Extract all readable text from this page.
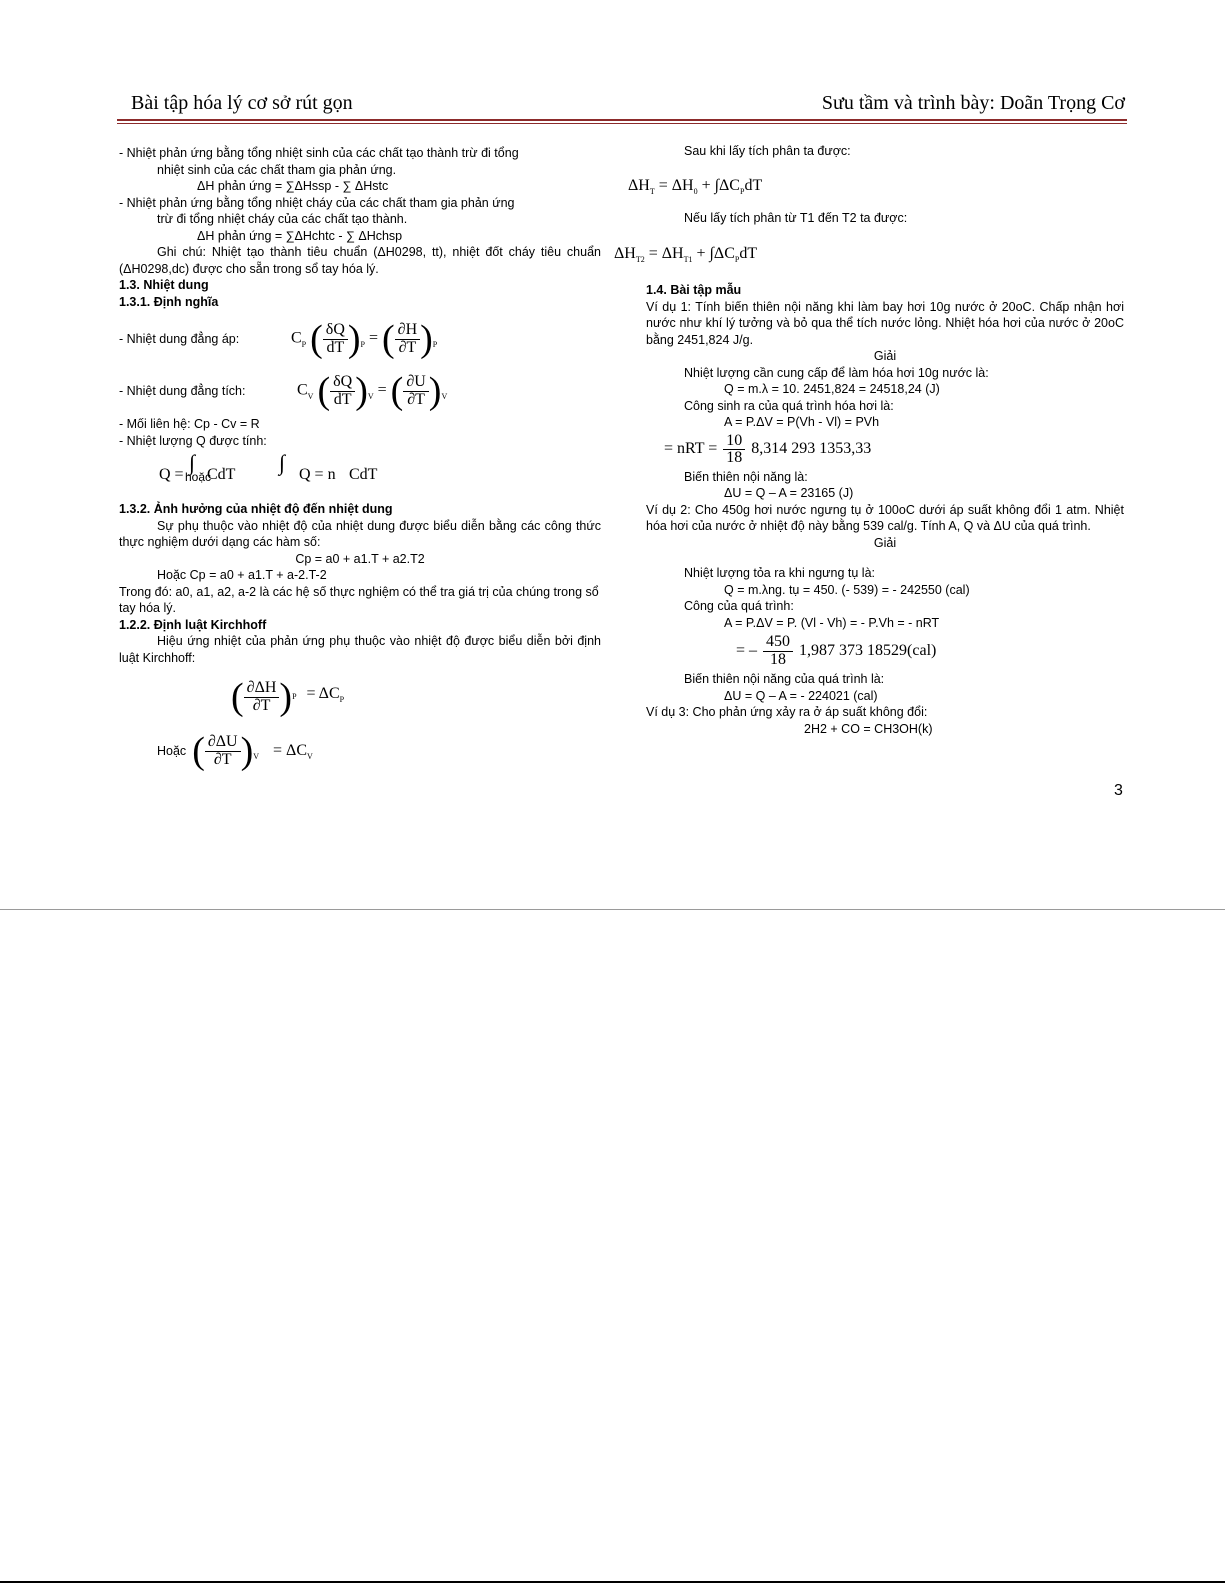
Bài tập hóa lý cơ sở rút gọn	Sưu tầm và trình bày: Doãn Trọng Cơ

- Nhiệt phản ứng bằng tổng nhiệt sinh của các chất tạo thành trừ đi tổng

nhiệt sinh của các chất tham gia phản ứng.

ΔH phản ứng = ∑ΔHssp - ∑ ΔHstc

- Nhiệt phản ứng bằng tổng nhiệt cháy của các chất tham gia phản ứng

trừ đi tổng nhiệt cháy của các chất tạo thành.

ΔH phản ứng = ∑ΔHchtc - ∑ ΔHchsp

Ghi chú: Nhiệt tạo thành tiêu chuẩn (ΔH0298, tt), nhiệt đốt cháy tiêu chuẩn (ΔH0298,dc) được cho sẵn trong sổ tay hóa lý.

1.3. Nhiệt dung

1.3.1. Định nghĩa

- Nhiệt dung đẳng áp:	$C_P$ ( $\frac{\delta Q}{dT} )_P$ = ( $\frac{\partial H}{\partial T} )_P$
- Nhiệt dung đẳng tích:	$C_V$ ( $\frac{\delta Q}{dT} )_V$ = ( $\frac{\partial U}{\partial T} )_V$

- Mối liên hệ: Cp - Cv = R

- Nhiệt lượng Q được tính:

Q = ∫ CdT
hoặc
∫ Q = n CdT

1.3.2. Ảnh hưởng của nhiệt độ đến nhiệt dung

Sự phụ thuộc vào nhiệt độ của nhiệt dung được biểu diễn bằng các công thức thực nghiệm dưới dạng các hàm số:

Cp = a0 + a1.T + a2.T2

Hoặc Cp = a0 + a1.T + a-2.T-2

Trong đó: a0, a1, a2, a-2 là các hệ số thực nghiệm có thể tra giá trị của chúng trong sổ tay hóa lý.

1.2.2. Định luật Kirchhoff

Hiệu ứng nhiệt của phản ứng phụ thuộc vào nhiệt độ được biểu diễn bởi định luật Kirchhoff:

( $\frac{\partial\Delta H}{\partial T}$ ) $P = \Delta C_P$
Hoặc ( $\frac{\partial\Delta U}{\partial T} )_V = \Delta C_V$

Sau khi lấy tích phân ta được:

$\Delta H_T = \Delta H_0 + \int\Delta C_PdT$

Nếu lấy tích phân từ T1 đến T2 ta được:

$\Delta H_{T2} = \Delta H_{T1} + \int\Delta C_PdT$

1.4. Bài tập mẫu

Ví dụ 1: Tính biến thiên nội năng khi làm bay hơi 10g nước ở 20oC. Chấp nhận hơi nước như khí lý tưởng và bỏ qua thể tích nước lỏng. Nhiệt hóa hơi của nước ở 20oC bằng 2451,824 J/g.

Giải

Nhiệt lượng cần cung cấp để làm hóa hơi 10g nước là:

Q = m.λ = 10. 2451,824 = 24518,24 (J)

Công sinh ra của quá trình hóa hơi là:

A = P.ΔV = P(Vh - Vl) = PVh

= nRT = $\frac{10}{18} 8,314$ 293 1353,33

Biến thiên nội năng là:

ΔU = Q – A = 23165 (J)

Ví dụ 2: Cho 450g hơi nước ngưng tụ ở 100oC dưới áp suất không đổi 1 atm. Nhiệt hóa hơi của nước ở nhiệt độ này bằng 539 cal/g. Tính A, Q và ΔU của quá trình.

Giải

Nhiệt lượng tỏa ra khi ngưng tụ là:

Q = m.λng. tụ = 450. (- 539) = - 242550 (cal)

Công của quá trình:

A = P.ΔV = P. (Vl - Vh) = - P.Vh = - nRT

= – $\frac{450}{18} 1,987$ 373 18529(cal)

Biến thiên nội năng của quá trình là:

ΔU = Q – A = - 224021 (cal)

Ví dụ 3: Cho phản ứng xảy ra ở áp suất không đổi:

2H2 + CO = CH3OH(k)

3
